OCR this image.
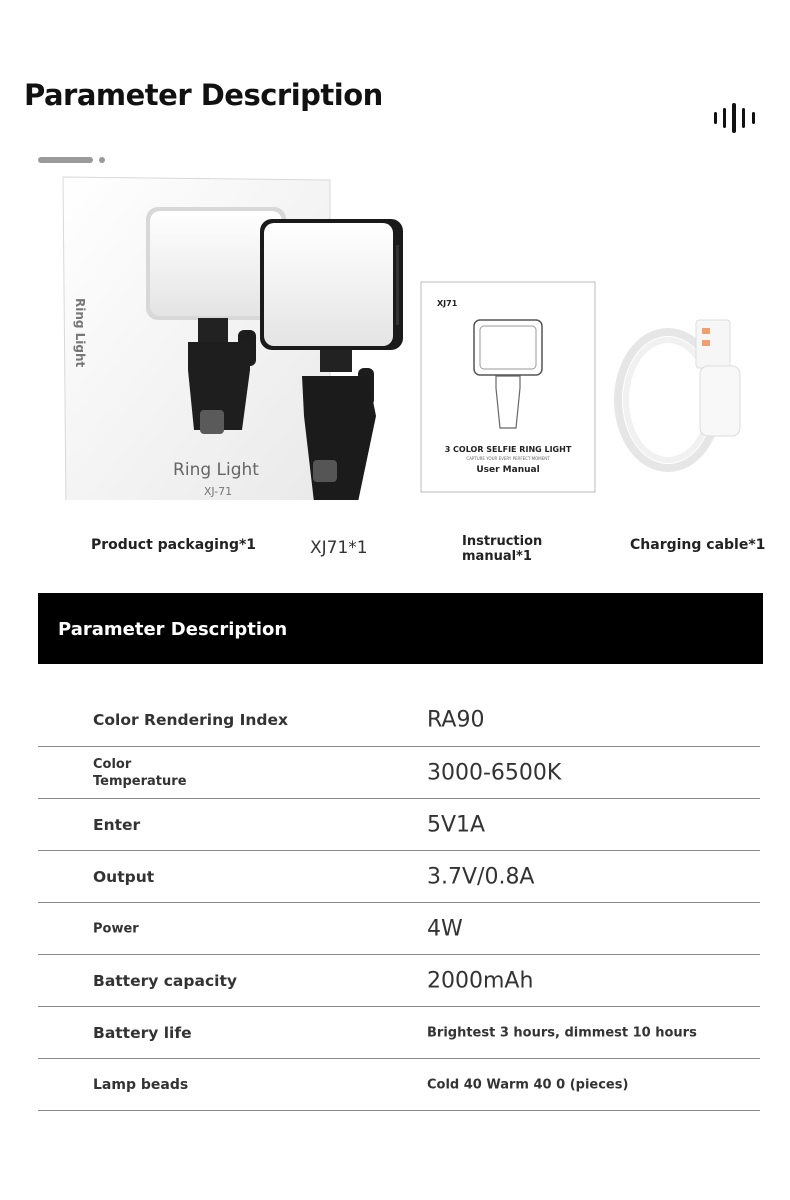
Parameter Description
Ring Light
XJ-71
Ring Light	XJ71
3 COLOR SELFIE RING LIGHT
CAPTURE YOUR EVERY PERFECT MOMENT
User Manual
Product packaging*1	XJ71*1	Instruction manual*1
Charging cable*1
Parameter Description
Color Rendering Index	RA90
Color Temperature	3000-6500K
Enter	5V1A
Output	3.7V/0.8A
Power	4W
Battery capacity	2000mAh
Battery life	Brightest 3 hours, dimmest 10 hours
Lamp beads	Cold 40 Warm 40 0 (pieces)
